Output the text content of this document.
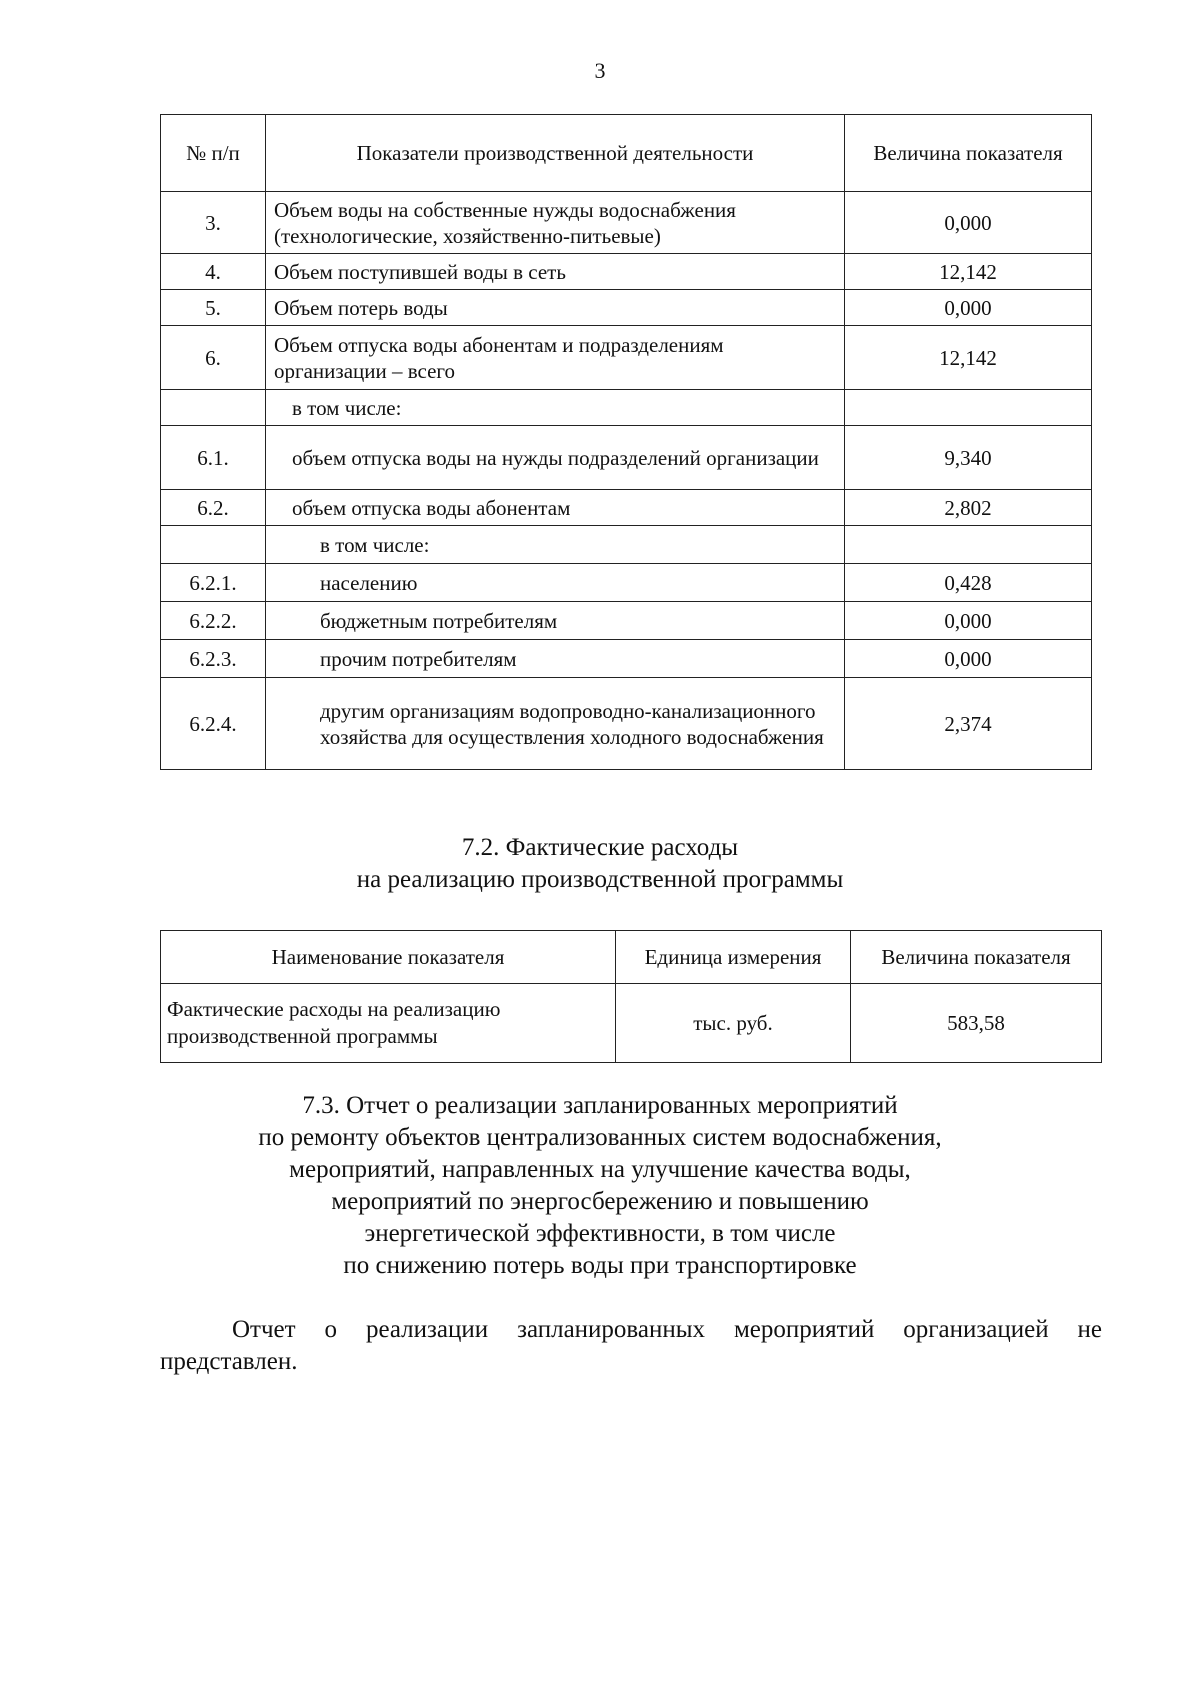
3
№ п/п	Показатели производственной деятельности	Величина показателя
3.	Объем воды на собственные нужды водоснабжения (технологические, хозяйственно-питьевые)	0,000
4.	Объем поступившей воды в сеть	12,142
5.	Объем потерь воды	0,000
6.	Объем отпуска воды абонентам и подразделениям организации – всего	12,142
	в том числе:	
6.1.	объем отпуска воды на нужды подразделений организации	9,340
6.2.	объем отпуска воды абонентам	2,802
	в том числе:	
6.2.1.	населению	0,428
6.2.2.	бюджетным потребителям	0,000
6.2.3.	прочим потребителям	0,000
6.2.4.	другим организациям водопроводно-канализационного хозяйства для осуществления холодного водоснабжения	2,374
7.2. Фактические расходы
на реализацию производственной программы
Наименование показателя	Единица измерения	Величина показателя
Фактические расходы на реализацию производственной программы	тыс. руб.	583,58
7.3. Отчет о реализации запланированных мероприятий
по ремонту объектов централизованных систем водоснабжения,
мероприятий, направленных на улучшение качества воды,
мероприятий по энергосбережению и повышению
энергетической эффективности, в том числе
по снижению потерь воды при транспортировке

Отчет о реализации запланированных мероприятий организацией не представлен.
